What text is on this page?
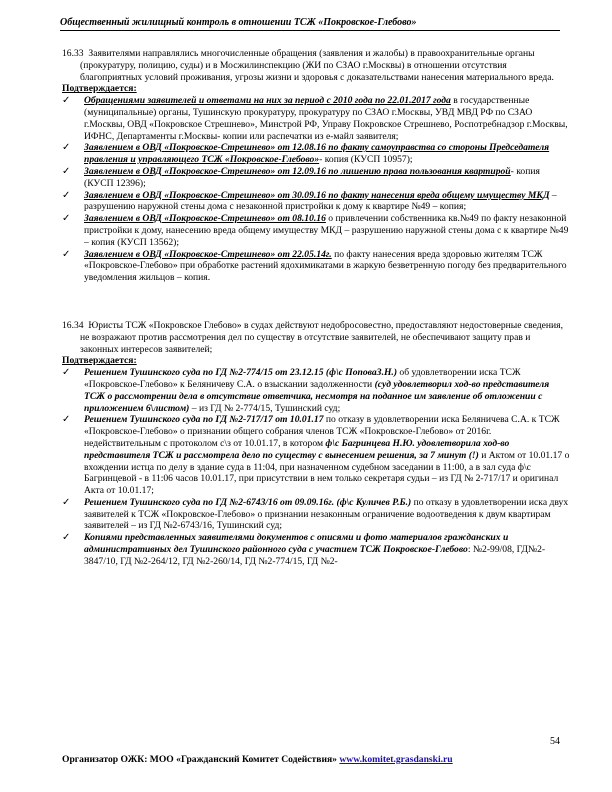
Общественный жилищный контроль в отношении ТСЖ «Покровское-Глебово»

16.33 Заявителями направлялись многочисленные обращения (заявления и жалобы) в правоохранительные органы (прокуратуру, полицию, суды) и в Мосжилинспекцию (ЖИ по СЗАО г.Москвы) в отношении отсутствия благоприятных условий проживания, угрозы жизни и здоровья с доказательствами нанесения материального вреда.

Подтверждается:

✓ Обращениями заявителей и ответами на них за период с 2010 года по 22.01.2017 года в государственные (муниципальные) органы, Тушинскую прокуратуру, прокуратуру по СЗАО г.Москвы, УВД МВД РФ по СЗАО г.Москвы, ОВД «Покровское Стрешнево», Минстрой РФ, Управу Покровское Стрешнево, Роспотребнадзор г.Москвы, ИФНС, Департаменты г.Москвы- копии или распечатки из e-майл заявителя;
✓ Заявлением в ОВД «Покровское-Стрешнево» от 12.08.16 по факту самоуправства со стороны Председателя правления и управляющего ТСЖ «Покровское-Глебово»- копия (КУСП 10957);
✓ Заявлением в ОВД «Покровское-Стрешнево» от 12.09.16 по лишению права пользования квартирой- копия (КУСП 12396);
✓ Заявлением в ОВД «Покровское-Стрешнево» от 30.09.16 по факту нанесения вреда общему имуществу МКД – разрушению наружной стены дома с незаконной пристройки к дому к квартире №49 – копия;
✓ Заявлением в ОВД «Покровское-Стрешнево» от 08.10.16 о привлечении собственника кв.№49 по факту незаконной пристройки к дому, нанесению вреда общему имуществу МКД – разрушению наружной стены дома с к квартире №49 – копия (КУСП 13562);
✓ Заявлением в ОВД «Покровское-Стрешнево» от 22.05.14г. по факту нанесения вреда здоровью жителям ТСЖ «Покровское-Глебово» при обработке растений ядохимикатами в жаркую безветренную погоду без предварительного уведомления жильцов – копия.

16.34 Юристы ТСЖ «Покровское Глебово» в судах действуют недобросовестно, предоставляют недостоверные сведения, не возражают против рассмотрения дел по существу в отсутствие заявителей, не обеспечивают защиту прав и законных интересов заявителей;

Подтверждается:

✓ Решением Тушинского суда по ГД №2-774/15 от 23.12.15 (ф\с ПоповаЗ.Н.) об удовлетворении иска ТСЖ «Покровское-Глебово» к Беляничеву С.А. о взыскании задолженности (суд удовлетворил ход-во представителя ТСЖ о рассмотрении дела в отсутствие ответчика, несмотря на поданное им заявление об отложении с приложением 6\листом) – из ГД № 2-774/15, Тушинский суд;
✓ Решением Тушинского суда по ГД №2-717/17 от 10.01.17 по отказу в удовлетворении иска Беляничева С.А. к ТСЖ «Покровское-Глебово» о признании общего собрания членов ТСЖ «Покровское-Глебово» от 2016г. недействительным с протоколом с\з от 10.01.17, в котором ф\с Багринцева Н.Ю. удовлетворила ход-во представителя ТСЖ и рассмотрела дело по существу с вынесением решения, за 7 минут (!) и Актом от 10.01.17 о вхождении истца по делу в здание суда в 11:04, при назначенном судебном заседании в 11:00, а в зал суда ф\с Багринцевой - в 11:06 часов 10.01.17, при присутствии в нем только секретаря судьи – из ГД № 2-717/17 и оригинал Акта от 10.01.17;
✓ Решением Тушинского суда по ГД №2-6743/16 от 09.09.16г. (ф\с Куличев Р.Б.) по отказу в удовлетворении иска двух заявителей к ТСЖ «Покровское-Глебово» о признании незаконным ограничение водоотведения к двум квартирам заявителей – из ГД №2-6743/16, Тушинский суд;
✓ Копиями представленных заявителями документов с описями и фото материалов гражданских и административных дел Тушинского районного суда с участием ТСЖ Покровское-Глебово: №2-99/08, ГД№2-3847/10, ГД №2-264/12, ГД №2-260/14, ГД №2-774/15, ГД №2-
54
Организатор ОЖК: МОО «Гражданский Комитет Содействия» www.komitet.grasdanski.ru
